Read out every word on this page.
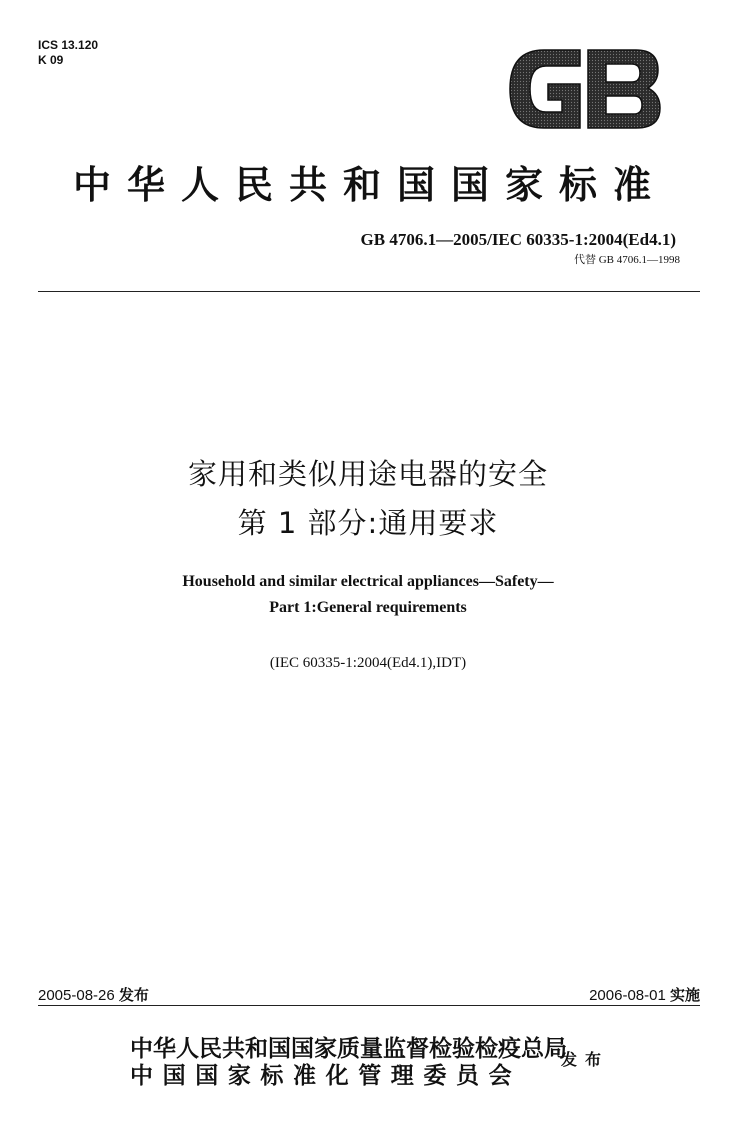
ICS 13.120
K 09
中华人民共和国国家标准
GB 4706.1—2005/IEC 60335-1:2004(Ed4.1)
代替 GB 4706.1—1998
家用和类似用途电器的安全
第 1 部分:通用要求
Household and similar electrical appliances—Safety—
Part 1:General requirements
(IEC 60335-1:2004(Ed4.1),IDT)
2005-08-26 发布	2006-08-01 实施
中华人民共和国国家质量监督检验检疫总局
中国国家标准化管理委员会
发布
